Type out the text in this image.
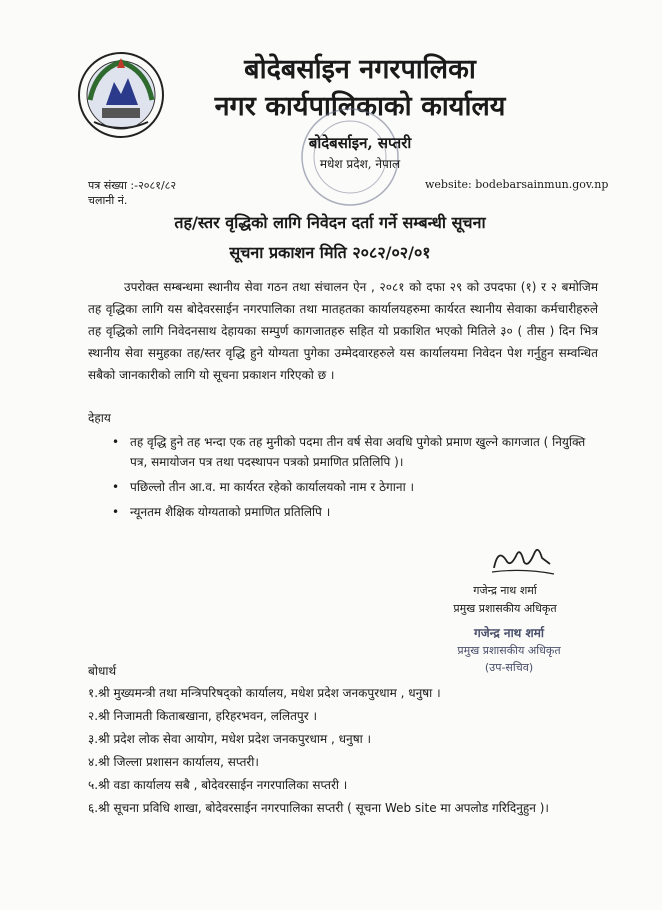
बोदेबर्साइन नगरपालिका
नगर कार्यपालिकाको कार्यालय
बोदेबर्साइन, सप्तरी
मधेश प्रदेश, नेपाल
पत्र संख्या :-२०८१/८२
चलानी नं.
website: bodebarsainmun.gov.np
तह/स्तर वृद्धिको लागि निवेदन दर्ता गर्ने सम्बन्धी सूचना
सूचना प्रकाशन मिति २०८२/०२/०१
उपरोक्त सम्बन्धमा स्थानीय सेवा गठन तथा संचालन ऐन , २०८१ को दफा २९ को उपदफा (१) र २ बमोजिम तह वृद्धिका लागि यस बोदेवरसाईन नगरपालिका तथा मातहतका कार्यालयहरुमा कार्यरत स्थानीय सेवाका कर्मचारीहरुले तह वृद्धिको लागि निवेदनसाथ देहायका सम्पुर्ण कागजातहरु सहित यो प्रकाशित भएको मितिले ३० ( तीस ) दिन भित्र स्थानीय सेवा समुहका तह/स्तर वृद्धि हुने योग्यता पुगेका उम्मेदवारहरुले यस कार्यालयमा निवेदन पेश गर्नुहुन सम्वन्धित सबैको जानकारीको लागि यो सूचना प्रकाशन गरिएको छ ।
देहाय
• तह वृद्धि हुने तह भन्दा एक तह मुनीको पदमा तीन वर्ष सेवा अवधि पुगेको प्रमाण खुल्ने कागजात ( नियुक्ति पत्र, समायोजन पत्र तथा पदस्थापन पत्रको प्रमाणित प्रतिलिपि )।
• पछिल्लो तीन आ.व. मा कार्यरत रहेको कार्यालयको नाम र ठेगाना ।
• न्यूनतम शैक्षिक योग्यताको प्रमाणित प्रतिलिपि ।
गजेन्द्र नाथ शर्मा
प्रमुख प्रशासकीय अधिकृत
गजेन्द्र नाथ शर्मा
प्रमुख प्रशासकीय अधिकृत
(उप-सचिव)
बोधार्थ
१.श्री मुख्यमन्त्री तथा मन्त्रिपरिषद्को कार्यालय, मधेश प्रदेश जनकपुरधाम , धनुषा ।
२.श्री निजामती किताबखाना, हरिहरभवन, ललितपुर ।
३.श्री प्रदेश लोक सेवा आयोग, मधेश प्रदेश जनकपुरधाम , धनुषा ।
४.श्री जिल्ला प्रशासन कार्यालय, सप्तरी।
५.श्री वडा कार्यालय सबै , बोदेवरसाईन नगरपालिका सप्तरी ।
६.श्री सूचना प्रविधि शाखा, बोदेवरसाईन नगरपालिका सप्तरी ( सूचना Web site मा अपलोड गरिदिनुहुन )।
